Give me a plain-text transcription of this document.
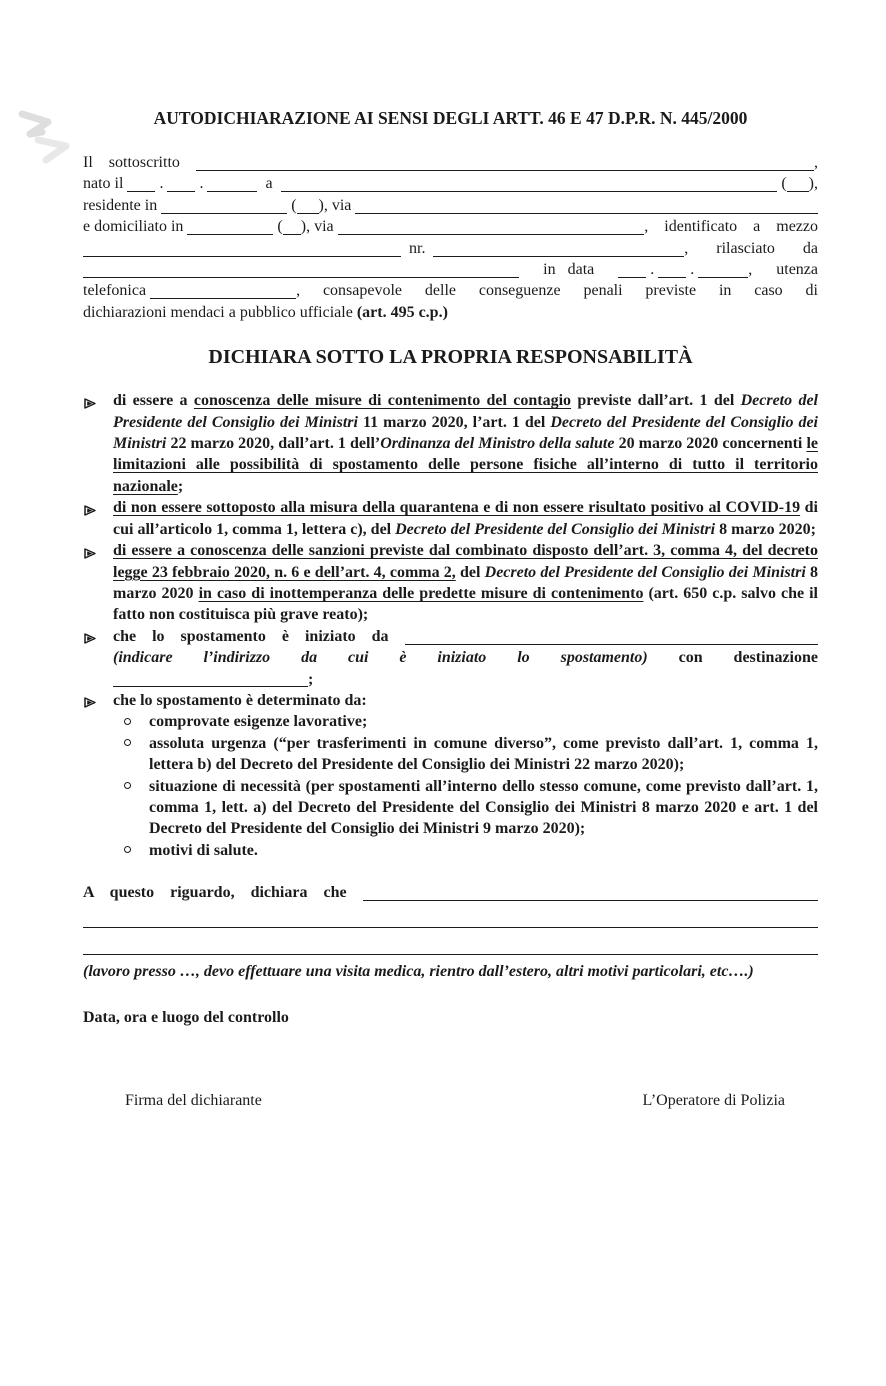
AUTODICHIARAZIONE AI SENSI DEGLI ARTT. 46 E 47 D.P.R. N. 445/2000
Il  sottoscritto	,
nato il . .	a	( ),
residente in	( ), via
e domiciliato in	( ), via	,  identificato  a  mezzo
nr.	,  rilasciato  da
in data . .	,  utenza
telefonica	, consapevole delle conseguenze penali previste in caso di
dichiarazioni mendaci a pubblico ufficiale (art. 495 c.p.)
DICHIARA SOTTO LA PROPRIA RESPONSABILITÀ
di essere a conoscenza delle misure di contenimento del contagio previste dall’art. 1 del Decreto del Presidente del Consiglio dei Ministri 11 marzo 2020, l’art. 1 del Decreto del Presidente del Consiglio dei Ministri 22 marzo 2020, dall’art. 1 dell’Ordinanza del Ministro della salute 20 marzo 2020 concernenti le limitazioni alle possibilità di spostamento delle persone fisiche all’interno di tutto il territorio nazionale;
di non essere sottoposto alla misura della quarantena e di non essere risultato positivo al COVID-19 di cui all’articolo 1, comma 1, lettera c), del Decreto del Presidente del Consiglio dei Ministri 8 marzo 2020;
di essere a conoscenza delle sanzioni previste dal combinato disposto dell’art. 3, comma 4, del decreto legge 23 febbraio 2020, n. 6 e dell’art. 4, comma 2, del Decreto del Presidente del Consiglio dei Ministri 8 marzo 2020 in caso di inottemperanza delle predette misure di contenimento (art. 650 c.p. salvo che il fatto non costituisca più grave reato);
che  lo  spostamento  è  iniziato  da
(indicare l’indirizzo da cui è iniziato lo spostamento) con destinazione
;
che lo spostamento è determinato da:
comprovate esigenze lavorative;
assoluta urgenza (“per trasferimenti in comune diverso”, come previsto dall’art. 1, comma 1, lettera b) del Decreto del Presidente del Consiglio dei Ministri 22 marzo 2020);
situazione di necessità (per spostamenti all’interno dello stesso comune, come previsto dall’art. 1, comma 1, lett. a) del Decreto del Presidente del Consiglio dei Ministri 8 marzo 2020 e art. 1 del Decreto del Presidente del Consiglio dei Ministri 9 marzo 2020);
motivi di salute.
A  questo  riguardo,  dichiara  che
(lavoro presso …, devo effettuare una visita medica, rientro dall’estero, altri motivi particolari, etc….)
Data, ora e luogo del controllo
Firma del dichiarante	L’Operatore di Polizia
